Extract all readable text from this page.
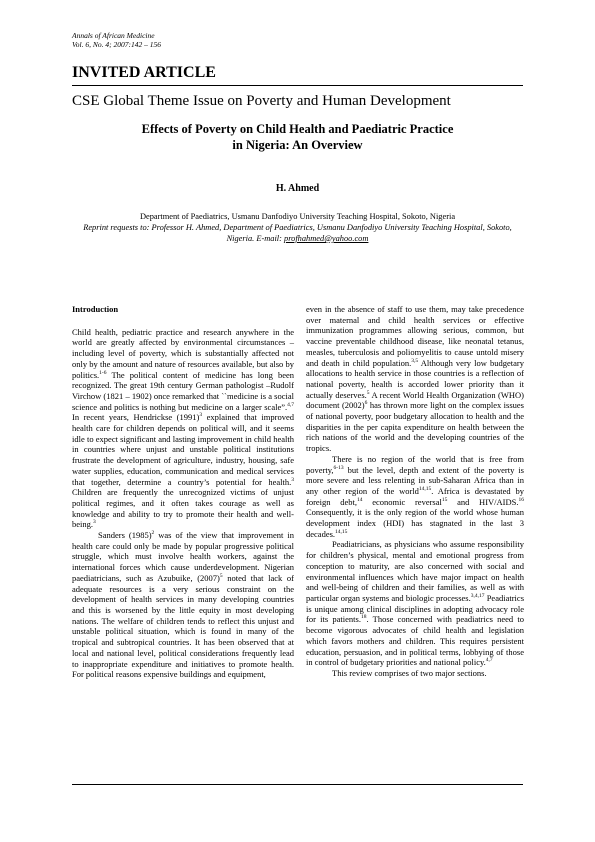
Annals of African Medicine
Vol. 6, No. 4; 2007:142 – 156
INVITED ARTICLE
CSE Global Theme Issue on Poverty and Human Development
Effects of Poverty on Child Health and Paediatric Practice
in Nigeria: An Overview
H. Ahmed
Department of Paediatrics, Usmanu Danfodiyo University Teaching Hospital, Sokoto, Nigeria
Reprint requests to: Professor H. Ahmed, Department of Paediatrics, Usmanu Danfodiyo University Teaching Hospital, Sokoto, Nigeria. E-mail: profhahmed@yahoo.com

Introduction

Child health, pediatric practice and research anywhere in the world are greatly affected by environmental circumstances – including level of poverty, which is substantially affected not only by the amount and nature of resources available, but also by politics.$^{1-6}$ The political content of medicine has long been recognized. The great 19th century German pathologist –Rudolf Virchow (1821 – 1902) once remarked that ``medicine is a social science and politics is nothing but medicine on a larger scale”.$^{4,7}$ In recent years, Hendrickse $(1991)^3$ explained that improved health care for children depends on political will, and it seems idle to expect significant and lasting improvement in child health in countries where unjust and unstable political institutions frustrate the development of agriculture, industry, housing, safe water supplies, education, communication and medical services that together, determine a country’s potential for health.$^3$ Children are frequently the unrecognized victims of unjust political regimes, and it often takes courage as well as knowledge and ability to try to promote their health and well-being.$^3$

Sanders $(1985)^2$ was of the view that improvement in health care could only be made by popular progressive political struggle, which must involve health workers, against the international forces which cause underdevelopment. Nigerian paediatricians, such as Azubuike, $(2007)^5$ noted that lack of adequate resources is a very serious constraint on the development of health services in many developing countries and this is worsened by the little equity in most developing nations. The welfare of children tends to reflect this unjust and unstable political situation, which is found in many of the tropical and subtropical countries. It has been observed that at local and national level, political considerations frequently lead to inappropriate expenditure and initiatives to promote health. For political reasons expensive buildings and equipment,

even in the absence of staff to use them, may take precedence over maternal and child health services or effective immunization programmes allowing serious, common, but vaccine preventable childhood disease, like neonatal tetanus, measles, tuberculosis and poliomyelitis to cause untold misery and death in child population.$^{3,5}$ Although very low budgetary allocations to health service in those countries is a reflection of national poverty, health is accorded lower priority than it actually deserves.$^5$ A recent World Health Organization (WHO) document $(2002)^6$ has thrown more light on the complex issues of national poverty, poor budgetary allocation to health and the disparities in the per capita expenditure on health between the rich nations of the world and the developing countries of the tropics.

There is no region of the world that is free from poverty,$^{6-13}$ but the level, depth and extent of the poverty is more severe and less relenting in sub-Saharan Africa than in any other region of the world$^{14,15}$. Africa is devastated by foreign debt,$^{14}$ economic reversal$^{15}$ and HIV/AIDS.$^{16}$ Consequently, it is the only region of the world whose human development index (HDI) has stagnated in the last 3 decades.$^{14,15}$

Peadiatricians, as physicians who assume responsibility for children’s physical, mental and emotional progress from conception to maturity, are also concerned with social and environmental influences which have major impact on health and well-being of children and their families, as well as with particular organ systems and biologic processes.$^{3,4,17}$ Peadiatrics is unique among clinical disciplines in adopting advocacy role for its patients.$^{18}$. Those concerned with peadiatrics need to become vigorous advocates of child health and legislation which favors mothers and children. This requires persistent education, persuasion, and in political terms, lobbying of those in control of budgetary priorities and national policy.$^{4,7}$

This review comprises of two major sections.
